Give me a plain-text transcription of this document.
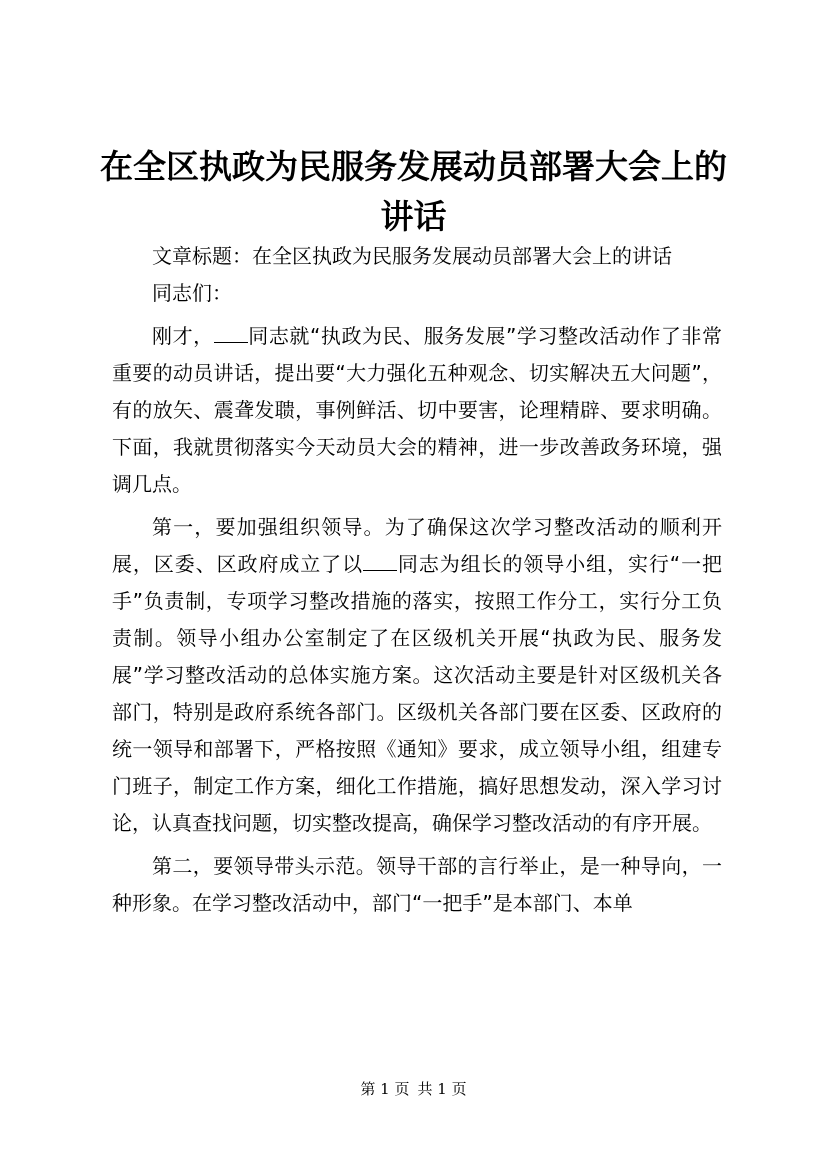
在全区执政为民服务发展动员部署大会上的讲话

文章标题：在全区执政为民服务发展动员部署大会上的讲话

同志们：

刚才， 同志就“执政为民、服务发展”学习整改活动作了非常重要的动员讲话，提出要“大力强化五种观念、切实解决五大问题”，有的放矢、震聋发聩，事例鲜活、切中要害，论理精辟、要求明确。下面，我就贯彻落实今天动员大会的精神，进一步改善政务环境，强调几点。

第一，要加强组织领导。为了确保这次学习整改活动的顺利开展，区委、区政府成立了以 同志为组长的领导小组，实行“一把手”负责制，专项学习整改措施的落实，按照工作分工，实行分工负责制。领导小组办公室制定了在区级机关开展“执政为民、服务发展”学习整改活动的总体实施方案。这次活动主要是针对区级机关各部门，特别是政府系统各部门。区级机关各部门要在区委、区政府的统一领导和部署下，严格按照《通知》要求，成立领导小组，组建专门班子，制定工作方案，细化工作措施，搞好思想发动，深入学习讨论，认真查找问题，切实整改提高，确保学习整改活动的有序开展。

第二，要领导带头示范。领导干部的言行举止，是一种导向，一种形象。在学习整改活动中，部门“一把手”是本部门、本单

第 1 页 共 1 页
